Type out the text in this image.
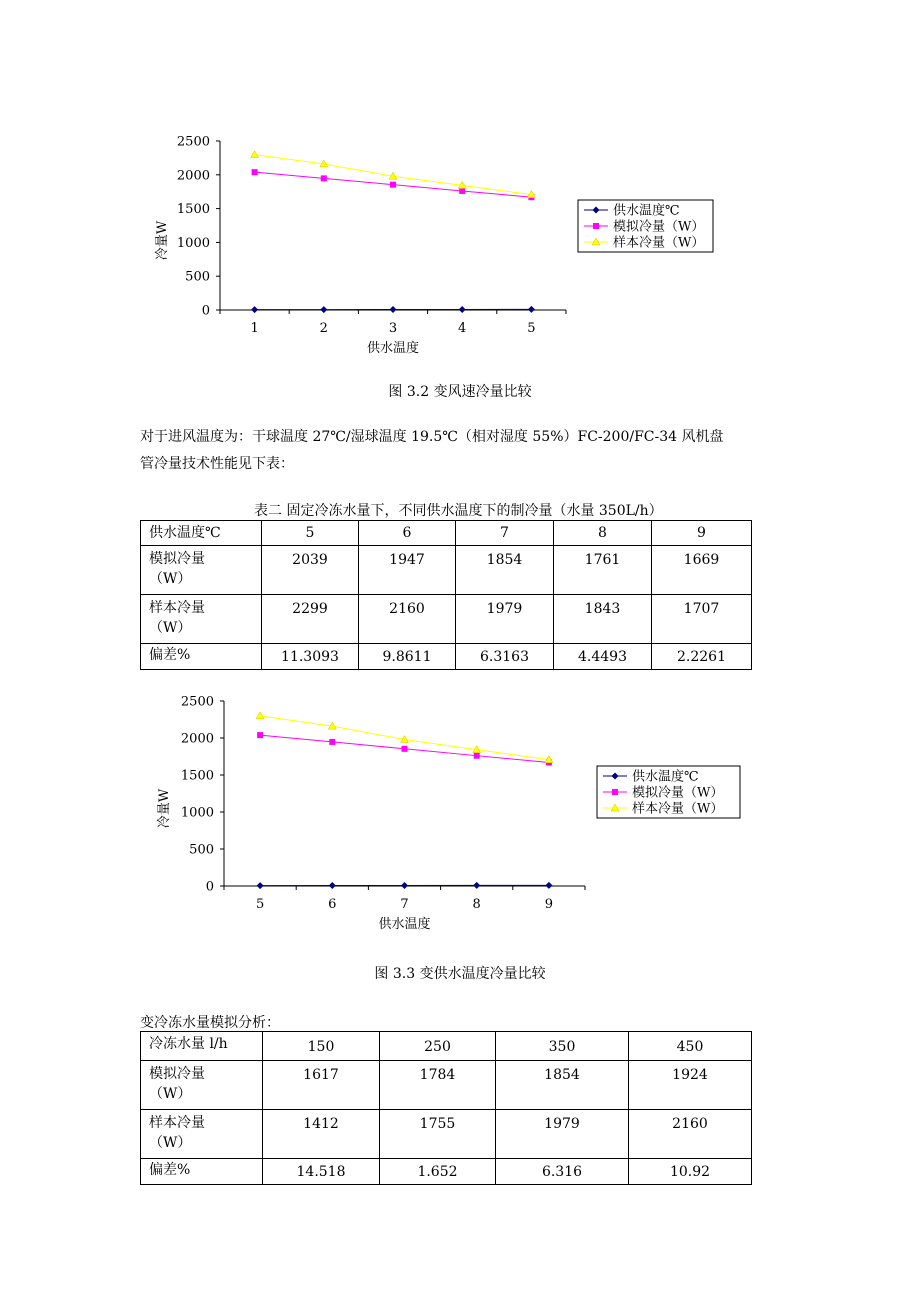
0
500
1000
1500
2000
2500
1	2	3	4	5
供水温度
冷量W
供水温度℃
模拟冷量（W）
样本冷量（W）
图 3.2 变风速冷量比较
对于进风温度为：干球温度 27℃/湿球温度 19.5℃（相对湿度 55%）FC-200/FC-34 风机盘
管冷量技术性能见下表：
表二 固定冷冻水量下，不同供水温度下的制冷量（水量 350L/h）
供水温度℃	5	6	7	8	9

模拟冷量
（W）	2039	1947	1854	1761	1669

样本冷量
（W）	2299	2160	1979	1843	1707
偏差%	11.3093	9.8611	6.3163	4.4493	2.2261
0
500
1000
1500
2000
2500
5	6	7	8	9
供水温度
冷量W
供水温度℃
模拟冷量（W）
样本冷量（W）
图 3.3 变供水温度冷量比较
变冷冻水量模拟分析：
冷冻水量 l/h	150	250	350	450

模拟冷量
（W）	1617	1784	1854	1924

样本冷量
（W）	1412	1755	1979	2160
偏差%	14.518	1.652	6.316	10.92
